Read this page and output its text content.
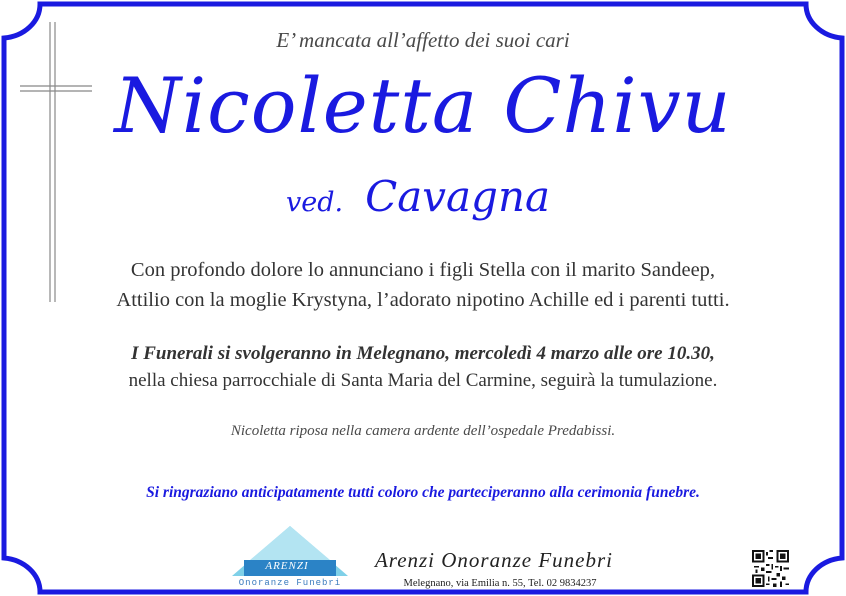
E’ mancata all’affetto dei suoi cari
Nicoletta Chivu
ved. Cavagna
Con profondo dolore lo annunciano i figli Stella con il marito Sandeep,
Attilio con la moglie Krystyna, l’adorato nipotino Achille ed i parenti tutti.
I Funerali si svolgeranno in Melegnano, mercoledì 4 marzo alle ore 10.30,
nella chiesa parrocchiale di Santa Maria del Carmine, seguirà la tumulazione.
Nicoletta riposa nella camera ardente dell’ospedale Predabissi.
Si ringraziano anticipatamente tutti coloro che parteciperanno alla cerimonia funebre.
ARENZI
Onoranze Funebri
Arenzi Onoranze Funebri
Melegnano, via Emilia n. 55, Tel. 02 9834237
